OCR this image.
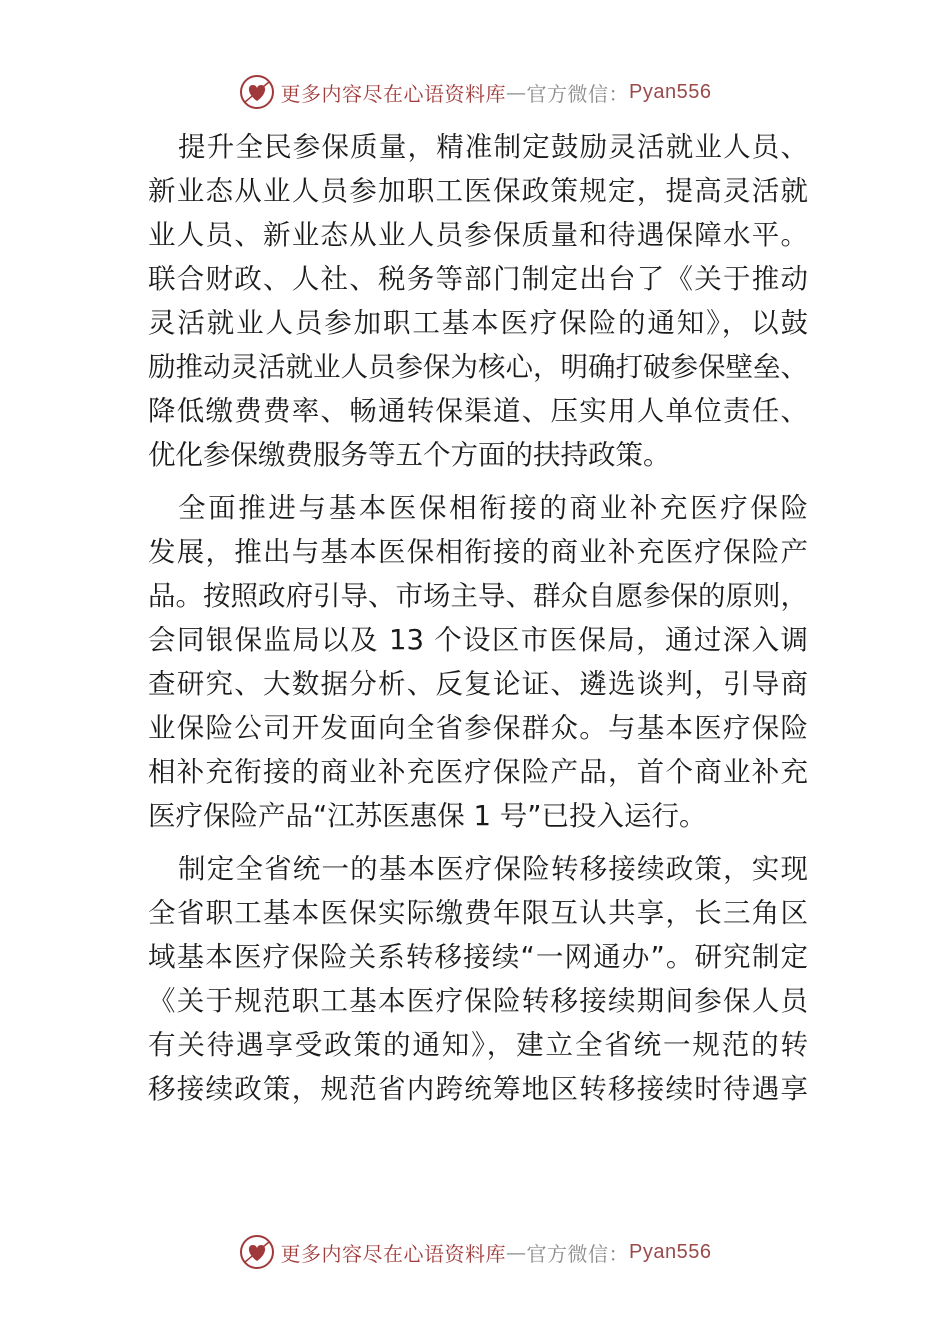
更多内容尽在心语资料库 — 官方微信： Pyan556
提升全民参保质量，精准制定鼓励灵活就业人员、
新业态从业人员参加职工医保政策规定，提高灵活就
业人员、新业态从业人员参保质量和待遇保障水平。
联合财政、人社、税务等部门制定出台了《关于推动
灵活就业人员参加职工基本医疗保险的通知》，以鼓
励推动灵活就业人员参保为核心，明确打破参保壁垒、
降低缴费费率、畅通转保渠道、压实用人单位责任、
优化参保缴费服务等五个方面的扶持政策。
全面推进与基本医保相衔接的商业补充医疗保险
发展，推出与基本医保相衔接的商业补充医疗保险产
品。按照政府引导、市场主导、群众自愿参保的原则，
会同银保监局以及 13 个设区市医保局，通过深入调
查研究、大数据分析、反复论证、遴选谈判，引导商
业保险公司开发面向全省参保群众。与基本医疗保险
相补充衔接的商业补充医疗保险产品，首个商业补充
医疗保险产品“江苏医惠保 1 号”已投入运行。
制定全省统一的基本医疗保险转移接续政策，实现
全省职工基本医保实际缴费年限互认共享，长三角区
域基本医疗保险关系转移接续“一网通办”。研究制定
《关于规范职工基本医疗保险转移接续期间参保人员
有关待遇享受政策的通知》，建立全省统一规范的转
移接续政策，规范省内跨统筹地区转移接续时待遇享
更多内容尽在心语资料库 — 官方微信： Pyan556
